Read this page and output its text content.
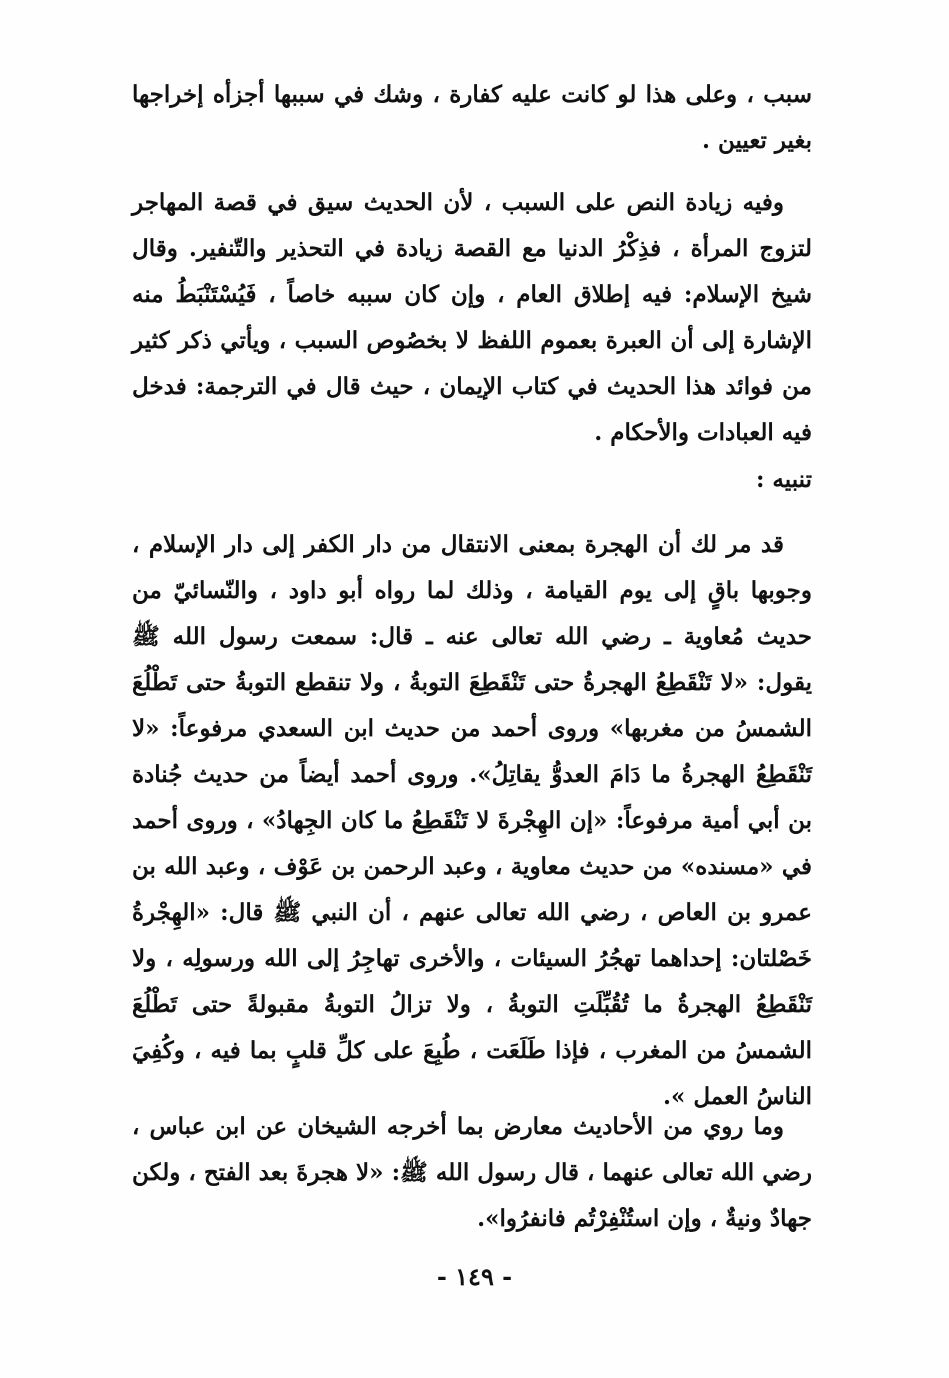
سبب ، وعلى هذا لو كانت عليه كفارة ، وشك في سببها أجزأه إخراجها بغير تعيين .
وفيه زيادة النص على السبب ، لأن الحديث سيق في قصة المهاجر لتزوج المرأة ، فذِكْرُ الدنيا مع القصة زيادة في التحذير والتّنفير. وقال شيخ الإسلام: فيه إطلاق العام ، وإن كان سببه خاصاً ، فَيُسْتَنْبَطُ منه الإشارة إلى أن العبرة بعموم اللفظ لا بخصُوص السبب ، ويأتي ذكر كثير من فوائد هذا الحديث في كتاب الإيمان ، حيث قال في الترجمة: فدخل فيه العبادات والأحكام .
تنبيه :
قد مر لك أن الهجرة بمعنى الانتقال من دار الكفر إلى دار الإسلام ، وجوبها باقٍ إلى يوم القيامة ، وذلك لما رواه أبو داود ، والنّسائيّ من حديث مُعاوية ـ رضي الله تعالى عنه ـ قال: سمعت رسول الله ﷺ يقول: «لا تَنْقَطِعُ الهجرةُ حتى تَنْقَطِعَ التوبةُ ، ولا تنقطع التوبةُ حتى تَطْلُعَ الشمسُ من مغربها» وروى أحمد من حديث ابن السعدي مرفوعاً: «لا تَنْقَطِعُ الهجرةُ ما دَامَ العدوُّ يقاتِلُ». وروى أحمد أيضاً من حديث جُنادة بن أبي أمية مرفوعاً: «إن الهِجْرةَ لا تَنْقَطِعُ ما كان الجِهادُ» ، وروى أحمد في «مسنده» من حديث معاوية ، وعبد الرحمن بن عَوْف ، وعبد الله بن عمرو بن العاص ، رضي الله تعالى عنهم ، أن النبي ﷺ قال: «الهِجْرةُ خَصْلتان: إحداهما تهجُرُ السيئات ، والأخرى تهاجِرُ إلى الله ورسولِه ، ولا تَنْقَطِعُ الهجرةُ ما تُقُبِّلَتِ التوبةُ ، ولا تزالُ التوبةُ مقبولةً حتى تَطْلُعَ الشمسُ من المغرب ، فإذا طَلَعَت ، طُبِعَ على كلِّ قلبٍ بما فيه ، وكُفِيَ الناسُ العمل ».
وما روي من الأحاديث معارض بما أخرجه الشيخان عن ابن عباس ، رضي الله تعالى عنهما ، قال رسول الله ﷺ: «لا هجرةَ بعد الفتح ، ولكن جهادٌ ونيةٌ ، وإن استُنْفِرْتُم فانفرُوا».
- ١٤٩ -
